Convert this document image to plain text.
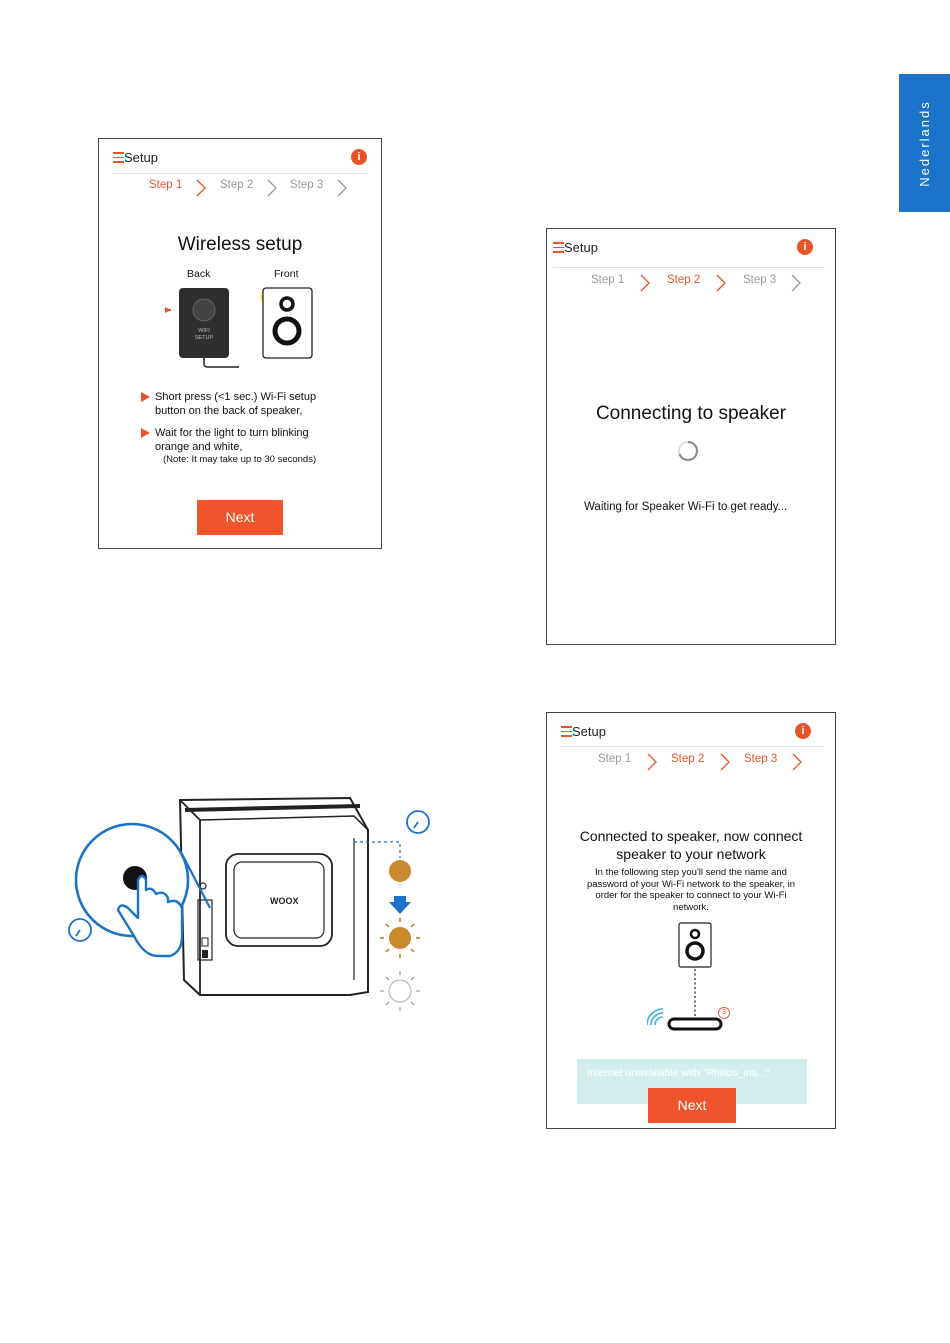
Nederlands
Setup	i
Step 1	Step 2	Step 3
Wireless setup
Back	Front
WIFI SETUP
Short press (<1 sec.) Wi-Fi setup button on the back of speaker,
Wait for the light to turn blinking orange and white,
(Note: It may take up to 30 seconds)
Next
Setup	i
Step 1	Step 2	Step 3
Connecting to speaker
Waiting for Speaker Wi-Fi to get ready...
Setup	i
Step 1	Step 2	Step 3
Connected to speaker, now connect speaker to your network
In the following step you'll send the name and password of your Wi-Fi network to the speaker, in order for the speaker to connect to your Wi-Fi network.
3
Internet unavailable with "Philips_ins..."
Next
WOOX
